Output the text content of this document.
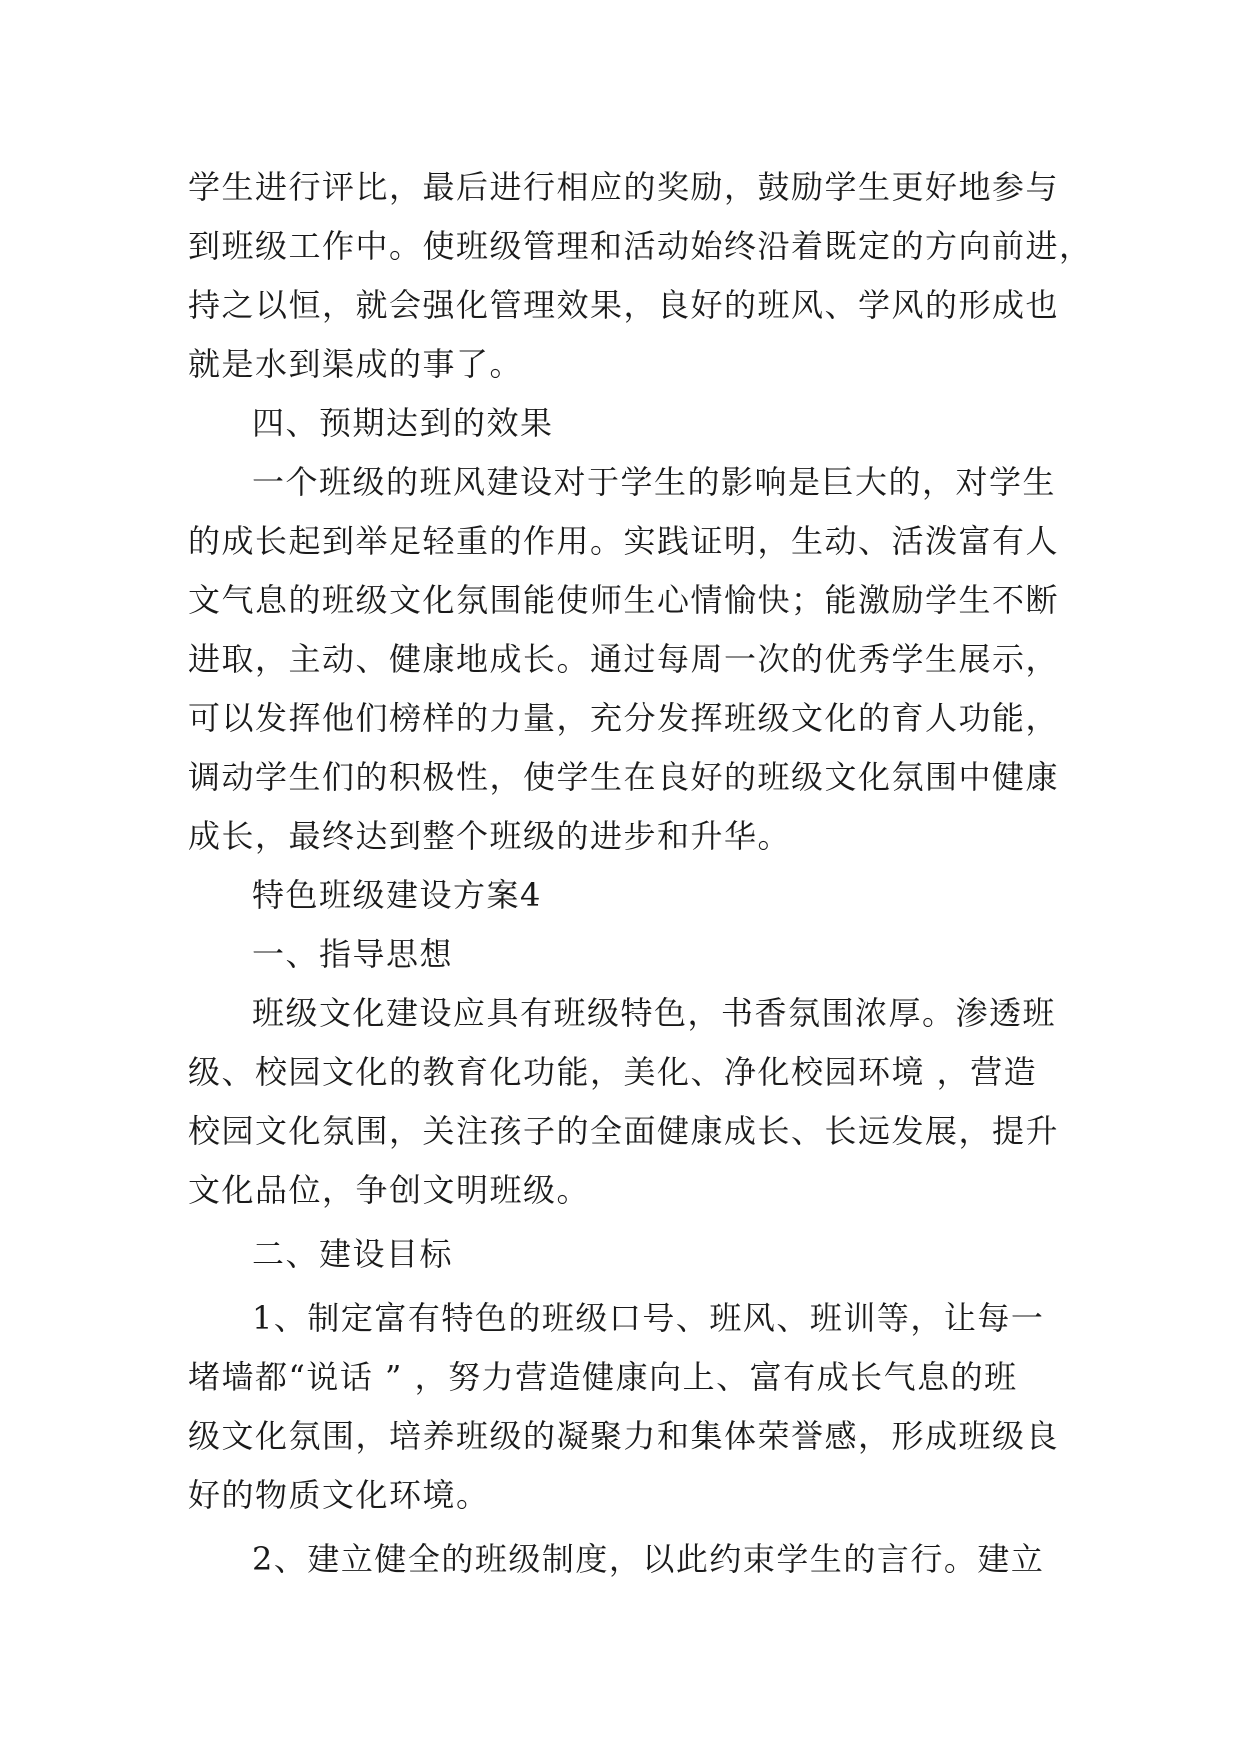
学生进行评比，最后进行相应的奖励，鼓励学生更好地参与
到班级工作中。使班级管理和活动始终沿着既定的方向前进，
持之以恒，就会强化管理效果，良好的班风、学风的形成也
就是水到渠成的事了。
四、预期达到的效果
一个班级的班风建设对于学生的影响是巨大的，对学生
的成长起到举足轻重的作用。实践证明，生动、活泼富有人
文气息的班级文化氛围能使师生心情愉快；能激励学生不断
进取，主动、健康地成长。通过每周一次的优秀学生展示，
可以发挥他们榜样的力量，充分发挥班级文化的育人功能，
调动学生们的积极性，使学生在良好的班级文化氛围中健康
成长，最终达到整个班级的进步和升华。
特色班级建设方案4
一、指导思想
班级文化建设应具有班级特色，书香氛围浓厚。渗透班
级、校园文化的教育化功能，美化、净化校园环境 ，营造
校园文化氛围，关注孩子的全面健康成长、长远发展，提升
文化品位，争创文明班级。
二、建设目标
1、制定富有特色的班级口号、班风、班训等，让每一
堵墙都“说话 ” ，努力营造健康向上、富有成长气息的班
级文化氛围，培养班级的凝聚力和集体荣誉感，形成班级良
好的物质文化环境。
2、建立健全的班级制度，以此约束学生的言行。建立
